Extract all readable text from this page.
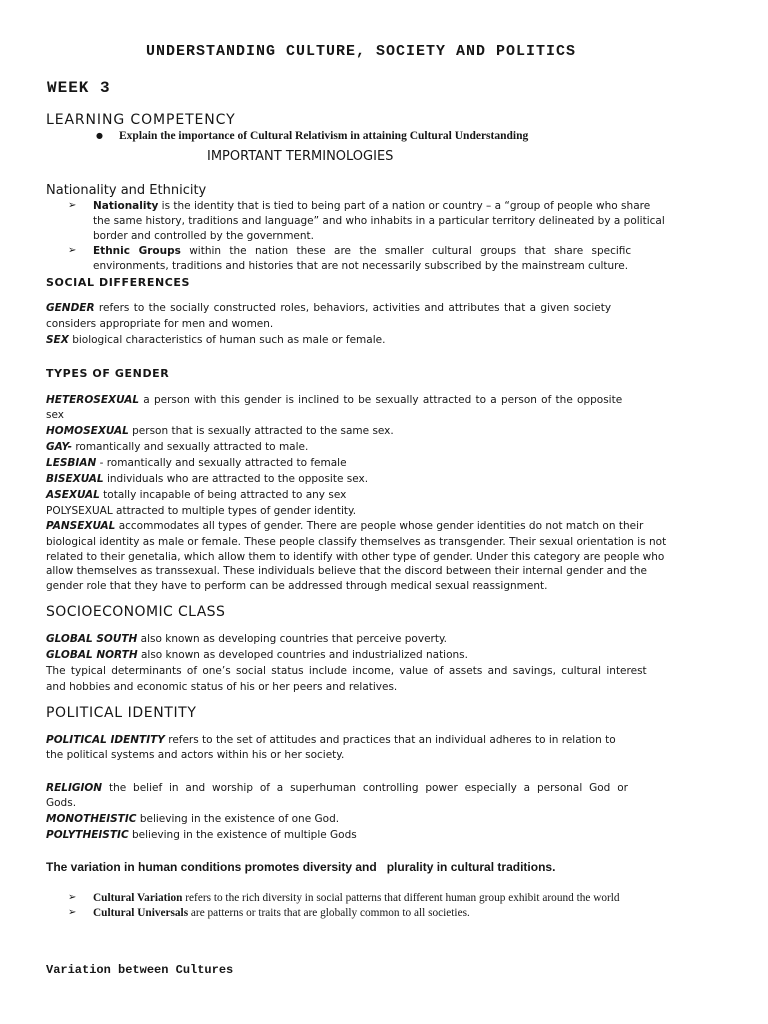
UNDERSTANDING CULTURE, SOCIETY AND POLITICS
WEEK 3
LEARNING COMPETENCY
● Explain the importance of Cultural Relativism in attaining Cultural Understanding
IMPORTANT TERMINOLOGIES
Nationality and Ethnicity
➢ Nationality is the identity that is tied to being part of a nation or country – a “group of people who share
the same history, traditions and language” and who inhabits in a particular territory delineated by a political
border and controlled by the government.
➢ Ethnic Groups within the nation these are the smaller cultural groups that share specific
environments, traditions and histories that are not necessarily subscribed by the mainstream culture.
SOCIAL DIFFERENCES
GENDER refers to the socially constructed roles, behaviors, activities and attributes that a given society
considers appropriate for men and women.
SEX biological characteristics of human such as male or female.
TYPES OF GENDER
HETEROSEXUAL a person with this gender is inclined to be sexually attracted to a person of the opposite
sex
HOMOSEXUAL person that is sexually attracted to the same sex.
GAY- romantically and sexually attracted to male.
LESBIAN - romantically and sexually attracted to female
BISEXUAL individuals who are attracted to the opposite sex.
ASEXUAL totally incapable of being attracted to any sex
POLYSEXUAL attracted to multiple types of gender identity.
PANSEXUAL accommodates all types of gender. There are people whose gender identities do not match on their
biological identity as male or female. These people classify themselves as transgender. Their sexual orientation is not
related to their genetalia, which allow them to identify with other type of gender. Under this category are people who
allow themselves as transsexual. These individuals believe that the discord between their internal gender and the
gender role that they have to perform can be addressed through medical sexual reassignment.
SOCIOECONOMIC CLASS
GLOBAL SOUTH also known as developing countries that perceive poverty.
GLOBAL NORTH also known as developed countries and industrialized nations.
The typical determinants of one’s social status include income, value of assets and savings, cultural interest
and hobbies and economic status of his or her peers and relatives.
POLITICAL IDENTITY
POLITICAL IDENTITY refers to the set of attitudes and practices that an individual adheres to in relation to
the political systems and actors within his or her society.
RELIGION the belief in and worship of a superhuman controlling power especially a personal God or
Gods.
MONOTHEISTIC believing in the existence of one God.
POLYTHEISTIC believing in the existence of multiple Gods
The variation in human conditions promotes diversity and   plurality in cultural traditions.
➢ Cultural Variation refers to the rich diversity in social patterns that different human group exhibit around the world
➢ Cultural Universals are patterns or traits that are globally common to all societies.
Variation between Cultures
